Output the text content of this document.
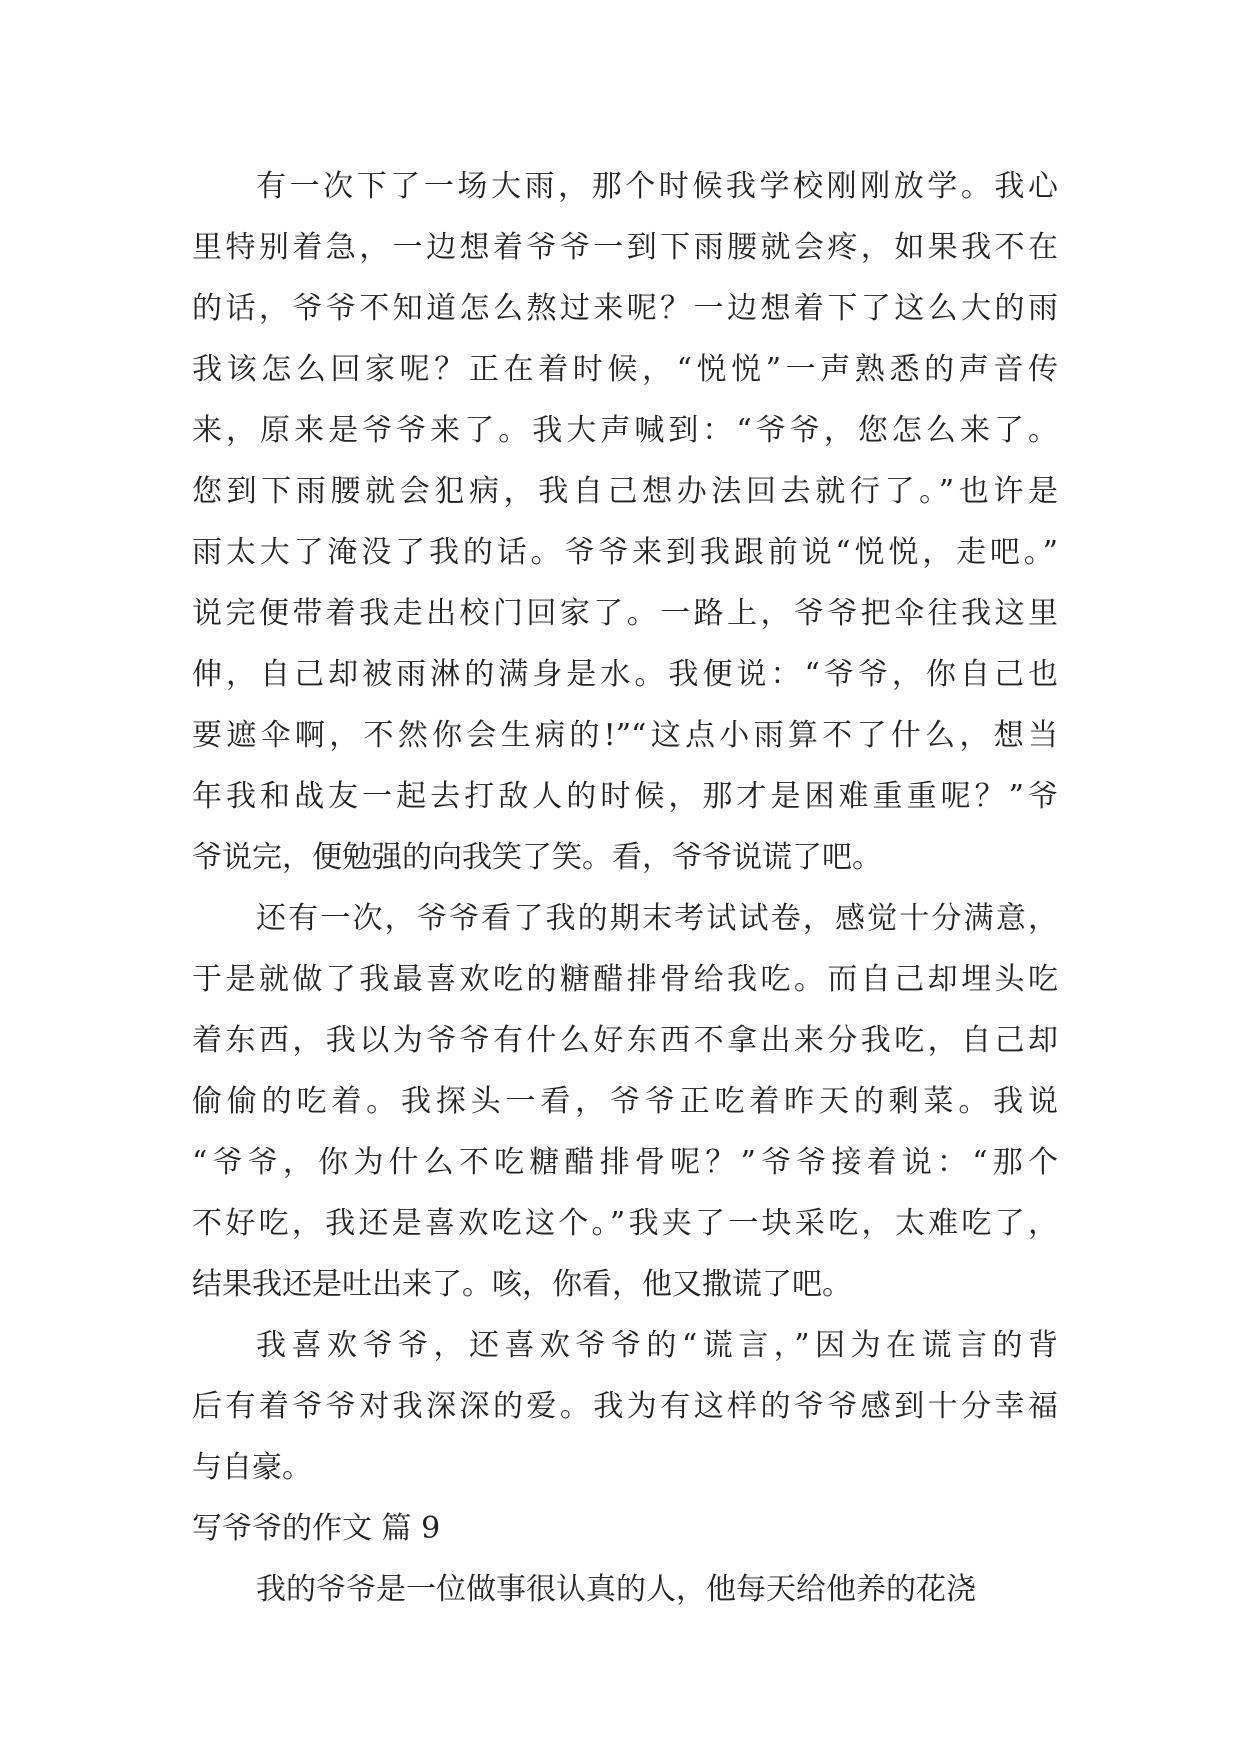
有一次下了一场大雨，那个时候我学校刚刚放学。我心
里特别着急，一边想着爷爷一到下雨腰就会疼，如果我不在
的话，爷爷不知道怎么熬过来呢？一边想着下了这么大的雨
我该怎么回家呢？正在着时候，“悦悦”一声熟悉的声音传
来，原来是爷爷来了。我大声喊到：“爷爷，您怎么来了。
您到下雨腰就会犯病，我自己想办法回去就行了。”也许是
雨太大了淹没了我的话。爷爷来到我跟前说“悦悦，走吧。”
说完便带着我走出校门回家了。一路上，爷爷把伞往我这里
伸，自己却被雨淋的满身是水。我便说：“爷爷，你自己也
要遮伞啊，不然你会生病的!”“这点小雨算不了什么，想当
年我和战友一起去打敌人的时候，那才是困难重重呢？”爷
爷说完，便勉强的向我笑了笑。看，爷爷说谎了吧。
还有一次，爷爷看了我的期末考试试卷，感觉十分满意，
于是就做了我最喜欢吃的糖醋排骨给我吃。而自己却埋头吃
着东西，我以为爷爷有什么好东西不拿出来分我吃，自己却
偷偷的吃着。我探头一看，爷爷正吃着昨天的剩菜。我说
“爷爷，你为什么不吃糖醋排骨呢？”爷爷接着说：“那个
不好吃，我还是喜欢吃这个。”我夹了一块采吃，太难吃了，
结果我还是吐出来了。咳，你看，他又撒谎了吧。
我喜欢爷爷，还喜欢爷爷的“谎言，”因为在谎言的背
后有着爷爷对我深深的爱。我为有这样的爷爷感到十分幸福
与自豪。
写爷爷的作文 篇 9
我的爷爷是一位做事很认真的人，他每天给他养的花浇
